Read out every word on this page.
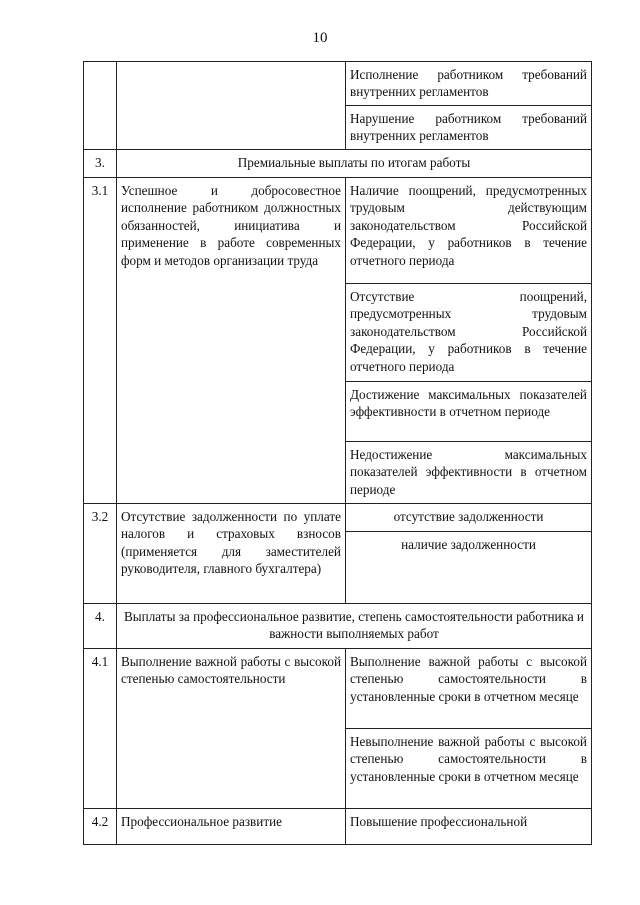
10
		Исполнение работником требований внутренних регламентов
		Нарушение работником требований внутренних регламентов
3.	Премиальные выплаты по итогам работы	
3.1	Успешное и добросовестное исполнение работником должностных обязанностей, инициатива и применение в работе современных форм и методов организации труда	Наличие поощрений, предусмотренных трудовым действующим законодательством Российской Федерации, у работников в течение отчетного периода
		Отсутствие поощрений, предусмотренных трудовым законодательством Российской Федерации, у работников в течение отчетного периода
		Достижение максимальных показателей эффективности в отчетном периоде
		Недостижение максимальных показателей эффективности в отчетном периоде
3.2	Отсутствие задолженности по уплате налогов и страховых взносов (применяется для заместителей руководителя, главного бухгалтера)	отсутствие задолженности
		наличие задолженности
4.	Выплаты за профессиональное развитие, степень самостоятельности работника и важности выполняемых работ	
4.1	Выполнение важной работы с высокой степенью самостоятельности	Выполнение важной работы с высокой степенью самостоятельности в установленные сроки в отчетном месяце
		Невыполнение важной работы с высокой степенью самостоятельности в установленные сроки в отчетном месяце
4.2	Профессиональное развитие	Повышение профессиональной
